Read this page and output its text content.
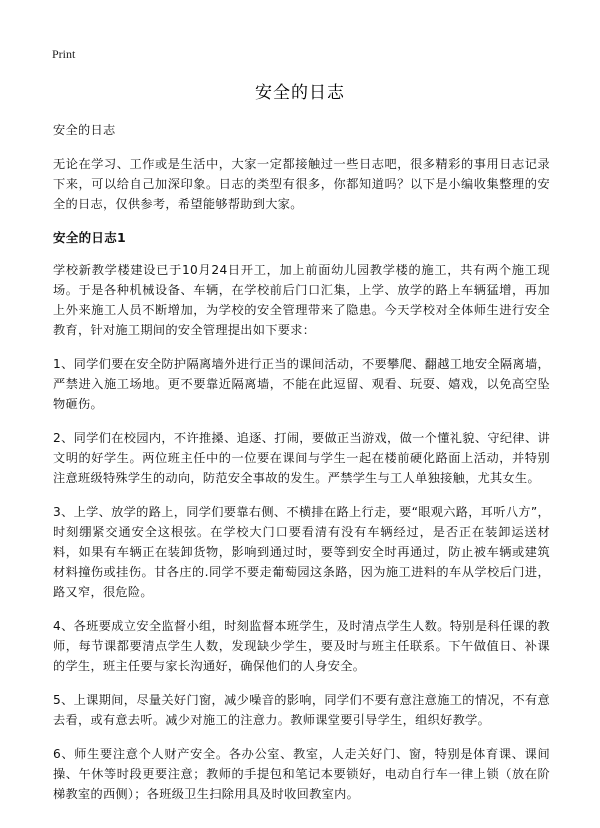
Print
安全的日志

安全的日志

无论在学习、工作或是生活中，大家一定都接触过一些日志吧，很多精彩的事用日志记录下来，可以给自己加深印象。日志的类型有很多，你都知道吗？以下是小编收集整理的安全的日志，仅供参考，希望能够帮助到大家。

安全的日志1

学校新教学楼建设已于10月24日开工，加上前面幼儿园教学楼的施工，共有两个施工现场。于是各种机械设备、车辆，在学校前后门口汇集，上学、放学的路上车辆猛增，再加上外来施工人员不断增加，为学校的安全管理带来了隐患。今天学校对全体师生进行安全教育，针对施工期间的安全管理提出如下要求：

1、同学们要在安全防护隔离墙外进行正当的课间活动，不要攀爬、翻越工地安全隔离墙，严禁进入施工场地。更不要靠近隔离墙，不能在此逗留、观看、玩耍、嬉戏，以免高空坠物砸伤。

2、同学们在校园内，不许推搡、追逐、打闹，要做正当游戏，做一个懂礼貌、守纪律、讲文明的好学生。两位班主任中的一位要在课间与学生一起在楼前硬化路面上活动，并特别注意班级特殊学生的动向，防范安全事故的发生。严禁学生与工人单独接触，尤其女生。

3、上学、放学的路上，同学们要靠右侧、不横排在路上行走，要“眼观六路，耳听八方”，时刻绷紧交通安全这根弦。在学校大门口要看清有没有车辆经过，是否正在装卸运送材料，如果有车辆正在装卸货物，影响到通过时，要等到安全时再通过，防止被车辆或建筑材料撞伤或挂伤。甘各庄的.同学不要走葡萄园这条路，因为施工进料的车从学校后门进，路又窄，很危险。

4、各班要成立安全监督小组，时刻监督本班学生，及时清点学生人数。特别是科任课的教师，每节课都要清点学生人数，发现缺少学生，要及时与班主任联系。下午做值日、补课的学生，班主任要与家长沟通好，确保他们的人身安全。

5、上课期间，尽量关好门窗，减少噪音的影响，同学们不要有意注意施工的情况，不有意去看，或有意去听。减少对施工的注意力。教师课堂要引导学生，组织好教学。

6、师生要注意个人财产安全。各办公室、教室，人走关好门、窗，特别是体育课、课间操、午休等时段更要注意；教师的手提包和笔记本要锁好，电动自行车一律上锁（放在阶梯教室的西侧）；各班级卫生扫除用具及时收回教室内。
